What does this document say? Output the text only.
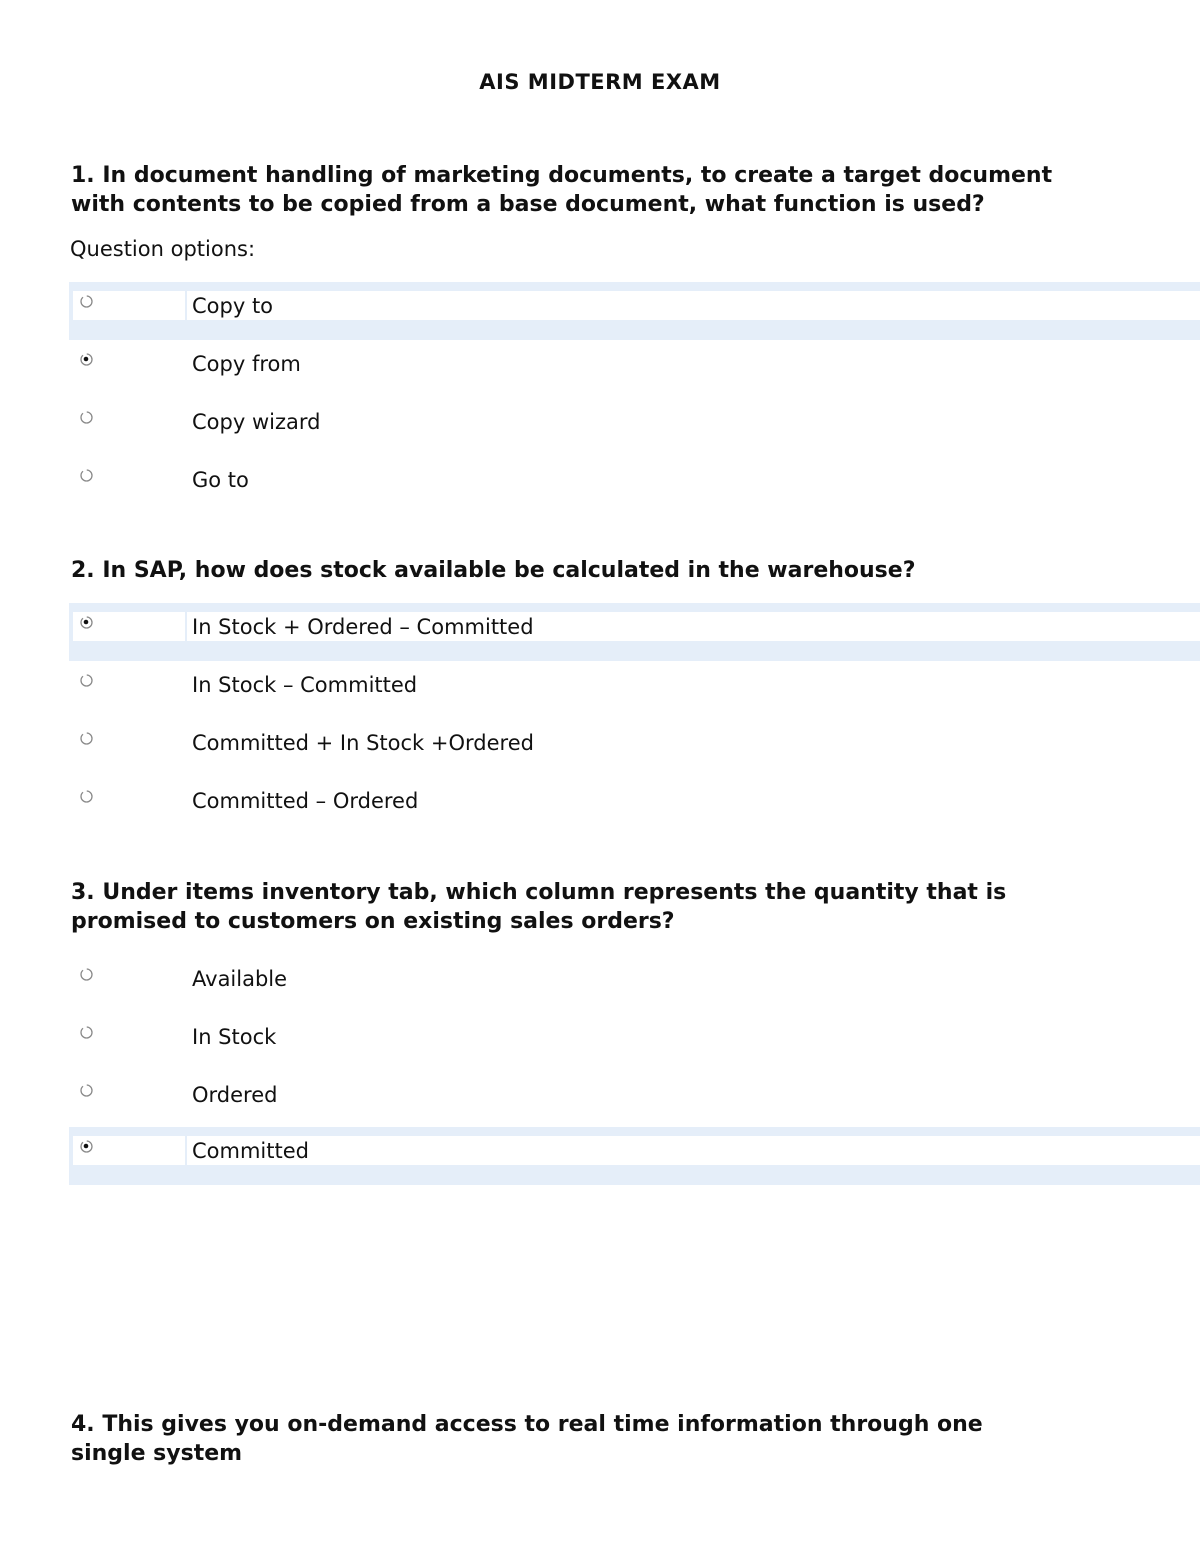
AIS MIDTERM EXAM
1. In document handling of marketing documents, to create a target document
with contents to be copied from a base document, what function is used?
Question options:
Copy to
Copy from
Copy wizard
Go to
2. In SAP, how does stock available be calculated in the warehouse?
In Stock + Ordered – Committed
In Stock – Committed
Committed + In Stock +Ordered
Committed – Ordered
3. Under items inventory tab, which column represents the quantity that is
promised to customers on existing sales orders?
Available
In Stock
Ordered
Committed
4. This gives you on-demand access to real time information through one
single system
